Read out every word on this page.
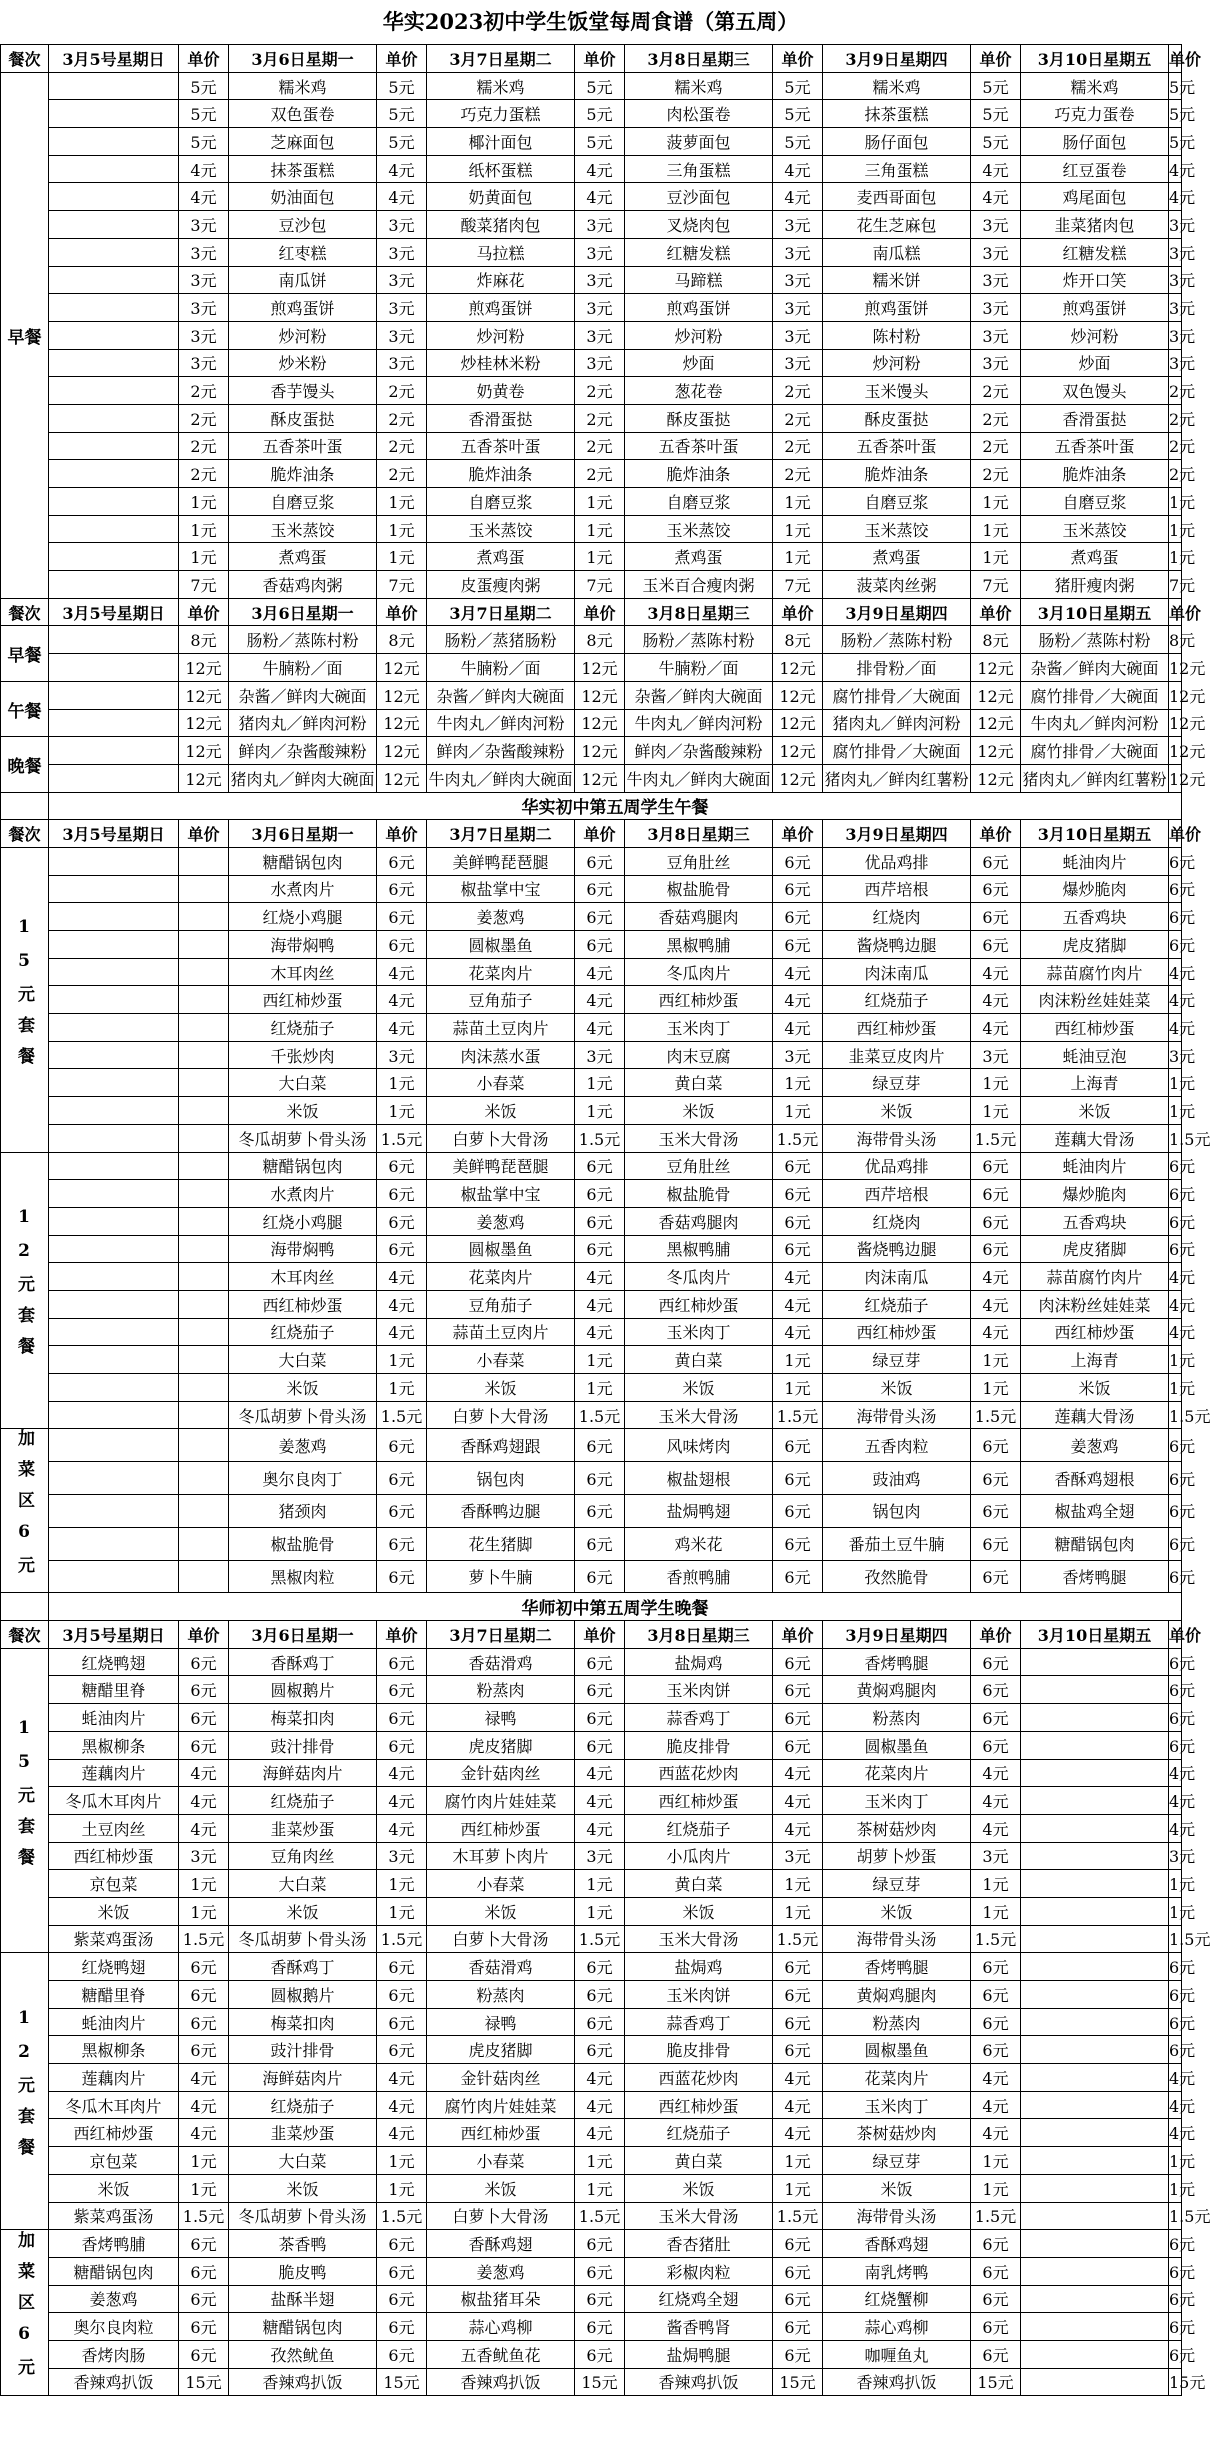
华实2023初中学生饭堂每周食谱（第五周）
餐次	3月5号星期日	单价	3月6日星期一	单价	3月7日星期二	单价	3月8日星期三	单价	3月9日星期四	单价	3月10日星期五	单价
早餐		5元	糯米鸡	5元	糯米鸡	5元	糯米鸡	5元	糯米鸡	5元	糯米鸡	5元
		5元	双色蛋卷	5元	巧克力蛋糕	5元	肉松蛋卷	5元	抹茶蛋糕	5元	巧克力蛋卷	5元
		5元	芝麻面包	5元	椰汁面包	5元	菠萝面包	5元	肠仔面包	5元	肠仔面包	5元
		4元	抹茶蛋糕	4元	纸杯蛋糕	4元	三角蛋糕	4元	三角蛋糕	4元	红豆蛋卷	4元
		4元	奶油面包	4元	奶黄面包	4元	豆沙面包	4元	麦西哥面包	4元	鸡尾面包	4元
		3元	豆沙包	3元	酸菜猪肉包	3元	叉烧肉包	3元	花生芝麻包	3元	韭菜猪肉包	3元
		3元	红枣糕	3元	马拉糕	3元	红糖发糕	3元	南瓜糕	3元	红糖发糕	3元
		3元	南瓜饼	3元	炸麻花	3元	马蹄糕	3元	糯米饼	3元	炸开口笑	3元
		3元	煎鸡蛋饼	3元	煎鸡蛋饼	3元	煎鸡蛋饼	3元	煎鸡蛋饼	3元	煎鸡蛋饼	3元
		3元	炒河粉	3元	炒河粉	3元	炒河粉	3元	陈村粉	3元	炒河粉	3元
		3元	炒米粉	3元	炒桂林米粉	3元	炒面	3元	炒河粉	3元	炒面	3元
		2元	香芋馒头	2元	奶黄卷	2元	葱花卷	2元	玉米馒头	2元	双色馒头	2元
		2元	酥皮蛋挞	2元	香滑蛋挞	2元	酥皮蛋挞	2元	酥皮蛋挞	2元	香滑蛋挞	2元
		2元	五香茶叶蛋	2元	五香茶叶蛋	2元	五香茶叶蛋	2元	五香茶叶蛋	2元	五香茶叶蛋	2元
		2元	脆炸油条	2元	脆炸油条	2元	脆炸油条	2元	脆炸油条	2元	脆炸油条	2元
		1元	自磨豆浆	1元	自磨豆浆	1元	自磨豆浆	1元	自磨豆浆	1元	自磨豆浆	1元
		1元	玉米蒸饺	1元	玉米蒸饺	1元	玉米蒸饺	1元	玉米蒸饺	1元	玉米蒸饺	1元
		1元	煮鸡蛋	1元	煮鸡蛋	1元	煮鸡蛋	1元	煮鸡蛋	1元	煮鸡蛋	1元
		7元	香菇鸡肉粥	7元	皮蛋瘦肉粥	7元	玉米百合瘦肉粥	7元	菠菜肉丝粥	7元	猪肝瘦肉粥	7元
餐次	3月5号星期日	单价	3月6日星期一	单价	3月7日星期二	单价	3月8日星期三	单价	3月9日星期四	单价	3月10日星期五	单价
早餐		8元	肠粉／蒸陈村粉	8元	肠粉／蒸猪肠粉	8元	肠粉／蒸陈村粉	8元	肠粉／蒸陈村粉	8元	肠粉／蒸陈村粉	8元
		12元	牛腩粉／面	12元	牛腩粉／面	12元	牛腩粉／面	12元	排骨粉／面	12元	杂酱／鲜肉大碗面	12元
午餐		12元	杂酱／鲜肉大碗面	12元	杂酱／鲜肉大碗面	12元	杂酱／鲜肉大碗面	12元	腐竹排骨／大碗面	12元	腐竹排骨／大碗面	12元
		12元	猪肉丸／鲜肉河粉	12元	牛肉丸／鲜肉河粉	12元	牛肉丸／鲜肉河粉	12元	猪肉丸／鲜肉河粉	12元	牛肉丸／鲜肉河粉	12元
晚餐		12元	鲜肉／杂酱酸辣粉	12元	鲜肉／杂酱酸辣粉	12元	鲜肉／杂酱酸辣粉	12元	腐竹排骨／大碗面	12元	腐竹排骨／大碗面	12元
		12元	猪肉丸／鲜肉大碗面	12元	牛肉丸／鲜肉大碗面	12元	牛肉丸／鲜肉大碗面	12元	猪肉丸／鲜肉红薯粉	12元	猪肉丸／鲜肉红薯粉	12元
	华实初中第五周学生午餐											
餐次	3月5号星期日	单价	3月6日星期一	单价	3月7日星期二	单价	3月8日星期三	单价	3月9日星期四	单价	3月10日星期五	单价
15元套餐			糖醋锅包肉	6元	美鲜鸭琵琶腿	6元	豆角肚丝	6元	优品鸡排	6元	蚝油肉片	6元
			水煮肉片	6元	椒盐掌中宝	6元	椒盐脆骨	6元	西芹培根	6元	爆炒脆肉	6元
			红烧小鸡腿	6元	姜葱鸡	6元	香菇鸡腿肉	6元	红烧肉	6元	五香鸡块	6元
			海带焖鸭	6元	圆椒墨鱼	6元	黑椒鸭脯	6元	酱烧鸭边腿	6元	虎皮猪脚	6元
			木耳肉丝	4元	花菜肉片	4元	冬瓜肉片	4元	肉沫南瓜	4元	蒜苗腐竹肉片	4元
			西红柿炒蛋	4元	豆角茄子	4元	西红柿炒蛋	4元	红烧茄子	4元	肉沫粉丝娃娃菜	4元
			红烧茄子	4元	蒜苗土豆肉片	4元	玉米肉丁	4元	西红柿炒蛋	4元	西红柿炒蛋	4元
			千张炒肉	3元	肉沫蒸水蛋	3元	肉末豆腐	3元	韭菜豆皮肉片	3元	蚝油豆泡	3元
			大白菜	1元	小春菜	1元	黄白菜	1元	绿豆芽	1元	上海青	1元
			米饭	1元	米饭	1元	米饭	1元	米饭	1元	米饭	1元
			冬瓜胡萝卜骨头汤	1.5元	白萝卜大骨汤	1.5元	玉米大骨汤	1.5元	海带骨头汤	1.5元	莲藕大骨汤	1.5元
12元套餐			糖醋锅包肉	6元	美鲜鸭琵琶腿	6元	豆角肚丝	6元	优品鸡排	6元	蚝油肉片	6元
			水煮肉片	6元	椒盐掌中宝	6元	椒盐脆骨	6元	西芹培根	6元	爆炒脆肉	6元
			红烧小鸡腿	6元	姜葱鸡	6元	香菇鸡腿肉	6元	红烧肉	6元	五香鸡块	6元
			海带焖鸭	6元	圆椒墨鱼	6元	黑椒鸭脯	6元	酱烧鸭边腿	6元	虎皮猪脚	6元
			木耳肉丝	4元	花菜肉片	4元	冬瓜肉片	4元	肉沫南瓜	4元	蒜苗腐竹肉片	4元
			西红柿炒蛋	4元	豆角茄子	4元	西红柿炒蛋	4元	红烧茄子	4元	肉沫粉丝娃娃菜	4元
			红烧茄子	4元	蒜苗土豆肉片	4元	玉米肉丁	4元	西红柿炒蛋	4元	西红柿炒蛋	4元
			大白菜	1元	小春菜	1元	黄白菜	1元	绿豆芽	1元	上海青	1元
			米饭	1元	米饭	1元	米饭	1元	米饭	1元	米饭	1元
			冬瓜胡萝卜骨头汤	1.5元	白萝卜大骨汤	1.5元	玉米大骨汤	1.5元	海带骨头汤	1.5元	莲藕大骨汤	1.5元
加菜区6元			姜葱鸡	6元	香酥鸡翅跟	6元	风味烤肉	6元	五香肉粒	6元	姜葱鸡	6元
			奥尔良肉丁	6元	锅包肉	6元	椒盐翅根	6元	豉油鸡	6元	香酥鸡翅根	6元
			猪颈肉	6元	香酥鸭边腿	6元	盐焗鸭翅	6元	锅包肉	6元	椒盐鸡全翅	6元
			椒盐脆骨	6元	花生猪脚	6元	鸡米花	6元	番茄土豆牛腩	6元	糖醋锅包肉	6元
			黑椒肉粒	6元	萝卜牛腩	6元	香煎鸭脯	6元	孜然脆骨	6元	香烤鸭腿	6元
	华师初中第五周学生晚餐											
餐次	3月5号星期日	单价	3月6日星期一	单价	3月7日星期二	单价	3月8日星期三	单价	3月9日星期四	单价	3月10日星期五	单价
15元套餐	红烧鸭翅	6元	香酥鸡丁	6元	香菇滑鸡	6元	盐焗鸡	6元	香烤鸭腿	6元		6元
	糖醋里脊	6元	圆椒鹅片	6元	粉蒸肉	6元	玉米肉饼	6元	黄焖鸡腿肉	6元		6元
	蚝油肉片	6元	梅菜扣肉	6元	禄鸭	6元	蒜香鸡丁	6元	粉蒸肉	6元		6元
	黑椒柳条	6元	豉汁排骨	6元	虎皮猪脚	6元	脆皮排骨	6元	圆椒墨鱼	6元		6元
	莲藕肉片	4元	海鲜菇肉片	4元	金针菇肉丝	4元	西蓝花炒肉	4元	花菜肉片	4元		4元
	冬瓜木耳肉片	4元	红烧茄子	4元	腐竹肉片娃娃菜	4元	西红柿炒蛋	4元	玉米肉丁	4元		4元
	土豆肉丝	4元	韭菜炒蛋	4元	西红柿炒蛋	4元	红烧茄子	4元	茶树菇炒肉	4元		4元
	西红柿炒蛋	3元	豆角肉丝	3元	木耳萝卜肉片	3元	小瓜肉片	3元	胡萝卜炒蛋	3元		3元
	京包菜	1元	大白菜	1元	小春菜	1元	黄白菜	1元	绿豆芽	1元		1元
	米饭	1元	米饭	1元	米饭	1元	米饭	1元	米饭	1元		1元
	紫菜鸡蛋汤	1.5元	冬瓜胡萝卜骨头汤	1.5元	白萝卜大骨汤	1.5元	玉米大骨汤	1.5元	海带骨头汤	1.5元		1.5元
12元套餐	红烧鸭翅	6元	香酥鸡丁	6元	香菇滑鸡	6元	盐焗鸡	6元	香烤鸭腿	6元		6元
	糖醋里脊	6元	圆椒鹅片	6元	粉蒸肉	6元	玉米肉饼	6元	黄焖鸡腿肉	6元		6元
	蚝油肉片	6元	梅菜扣肉	6元	禄鸭	6元	蒜香鸡丁	6元	粉蒸肉	6元		6元
	黑椒柳条	6元	豉汁排骨	6元	虎皮猪脚	6元	脆皮排骨	6元	圆椒墨鱼	6元		6元
	莲藕肉片	4元	海鲜菇肉片	4元	金针菇肉丝	4元	西蓝花炒肉	4元	花菜肉片	4元		4元
	冬瓜木耳肉片	4元	红烧茄子	4元	腐竹肉片娃娃菜	4元	西红柿炒蛋	4元	玉米肉丁	4元		4元
	西红柿炒蛋	4元	韭菜炒蛋	4元	西红柿炒蛋	4元	红烧茄子	4元	茶树菇炒肉	4元		4元
	京包菜	1元	大白菜	1元	小春菜	1元	黄白菜	1元	绿豆芽	1元		1元
	米饭	1元	米饭	1元	米饭	1元	米饭	1元	米饭	1元		1元
	紫菜鸡蛋汤	1.5元	冬瓜胡萝卜骨头汤	1.5元	白萝卜大骨汤	1.5元	玉米大骨汤	1.5元	海带骨头汤	1.5元		1.5元
加菜区6元	香烤鸭脯	6元	茶香鸭	6元	香酥鸡翅	6元	香杏猪肚	6元	香酥鸡翅	6元		6元
	糖醋锅包肉	6元	脆皮鸭	6元	姜葱鸡	6元	彩椒肉粒	6元	南乳烤鸭	6元		6元
	姜葱鸡	6元	盐酥半翅	6元	椒盐猪耳朵	6元	红烧鸡全翅	6元	红烧蟹柳	6元		6元
	奥尔良肉粒	6元	糖醋锅包肉	6元	蒜心鸡柳	6元	酱香鸭肾	6元	蒜心鸡柳	6元		6元
	香烤肉肠	6元	孜然鱿鱼	6元	五香鱿鱼花	6元	盐焗鸭腿	6元	咖喱鱼丸	6元		6元
	香辣鸡扒饭	15元	香辣鸡扒饭	15元	香辣鸡扒饭	15元	香辣鸡扒饭	15元	香辣鸡扒饭	15元		15元
